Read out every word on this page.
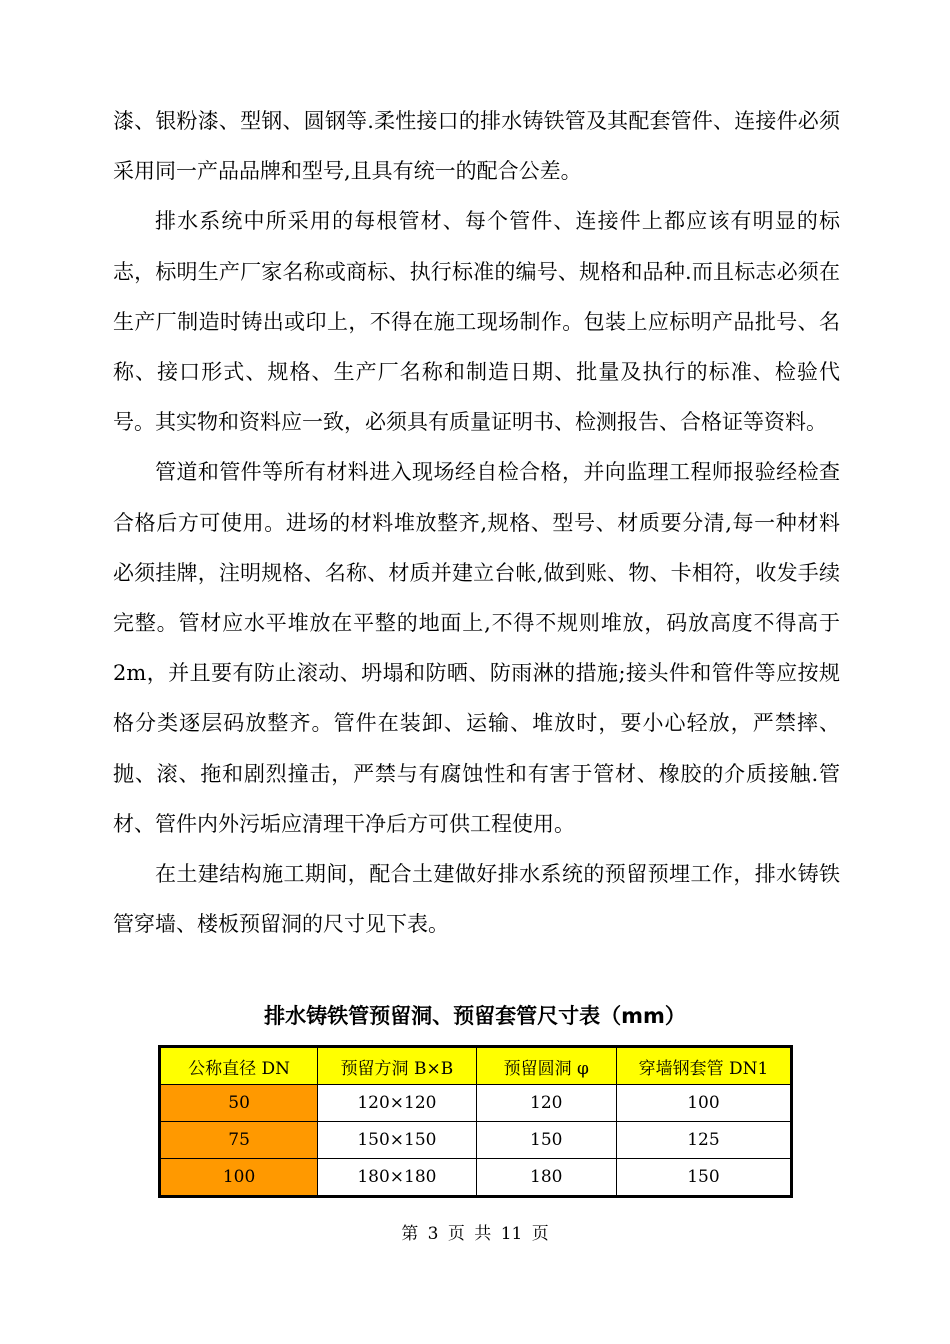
漆、银粉漆、型钢、圆钢等.柔性接口的排水铸铁管及其配套管件、连接件必须采用同一产品品牌和型号,且具有统一的配合公差。

排水系统中所采用的每根管材、每个管件、连接件上都应该有明显的标志，标明生产厂家名称或商标、执行标准的编号、规格和品种.而且标志必须在生产厂制造时铸出或印上，不得在施工现场制作。包装上应标明产品批号、名称、接口形式、规格、生产厂名称和制造日期、批量及执行的标准、检验代号。其实物和资料应一致，必须具有质量证明书、检测报告、合格证等资料。

管道和管件等所有材料进入现场经自检合格，并向监理工程师报验经检查合格后方可使用。进场的材料堆放整齐,规格、型号、材质要分清,每一种材料必须挂牌，注明规格、名称、材质并建立台帐,做到账、物、卡相符，收发手续完整。管材应水平堆放在平整的地面上,不得不规则堆放，码放高度不得高于2m，并且要有防止滚动、坍塌和防晒、防雨淋的措施;接头件和管件等应按规格分类逐层码放整齐。管件在装卸、运输、堆放时，要小心轻放，严禁摔、抛、滚、拖和剧烈撞击，严禁与有腐蚀性和有害于管材、橡胶的介质接触.管材、管件内外污垢应清理干净后方可供工程使用。

在土建结构施工期间，配合土建做好排水系统的预留预埋工作，排水铸铁管穿墙、楼板预留洞的尺寸见下表。

排水铸铁管预留洞、预留套管尺寸表（mm）
公称直径 DN	预留方洞 B×B	预留圆洞 φ	穿墙钢套管 DN1
50	120×120	120	100
75	150×150	150	125
100	180×180	180	150
第 3 页 共 11 页
